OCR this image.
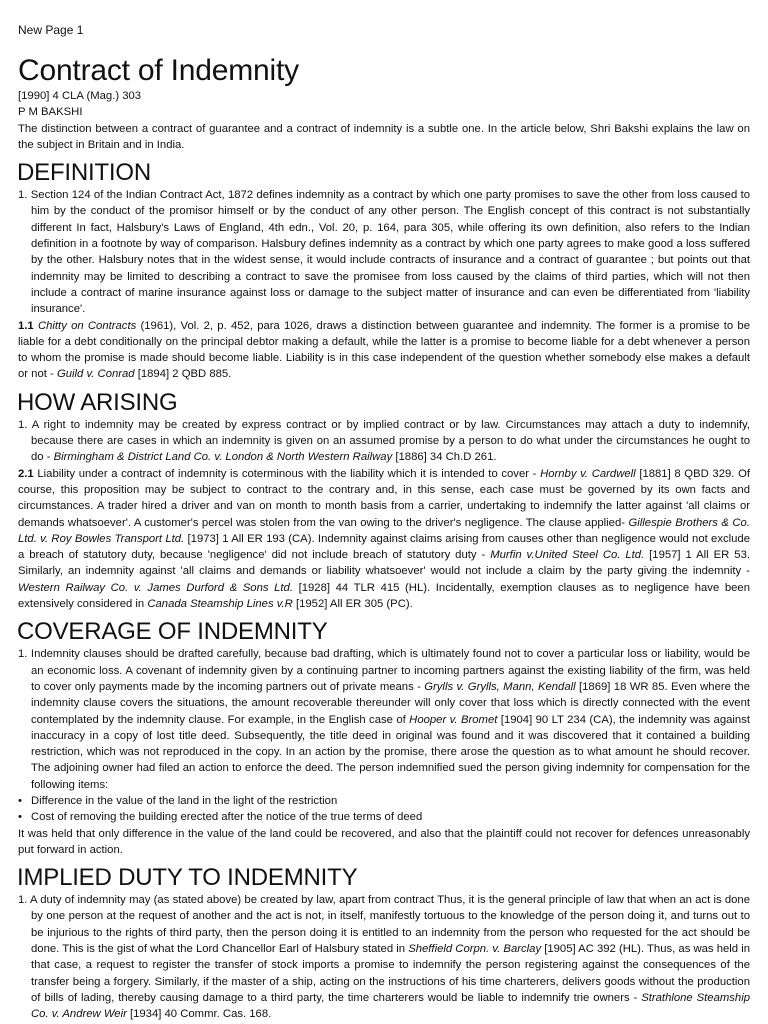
New Page 1
Contract of Indemnity

[1990] 4 CLA (Mag.) 303

P M BAKSHI

The distinction between a contract of guarantee and a contract of indemnity is a subtle one. In the article below, Shri Bakshi explains the law on the subject in Britain and in India.

DEFINITION

1. Section 124 of the Indian Contract Act, 1872 defines indemnity as a contract by which one party promises to save the other from loss caused to him by the conduct of the promisor himself or by the conduct of any other person. The English concept of this contract is not substantially different In fact, Halsbury's Laws of England, 4th edn., Vol. 20, p. 164, para 305, while offering its own definition, also refers to the Indian definition in a footnote by way of comparison. Halsbury defines indemnity as a contract by which one party agrees to make good a loss suffered by the other. Halsbury notes that in the widest sense, it would include contracts of insurance and a contract of guarantee ; but points out that indemnity may be limited to describing a contract to save the promisee from loss caused by the claims of third parties, which will not then include a contract of marine insurance against loss or damage to the subject matter of insurance and can even be differentiated from 'liability insurance'.

1.1 Chitty on Contracts (1961), Vol. 2, p. 452, para 1026, draws a distinction between guarantee and indemnity. The former is a promise to be liable for a debt conditionally on the principal debtor making a default, while the latter is a promise to become liable for a debt whenever a person to whom the promise is made should become liable. Liability is in this case independent of the question whether somebody else makes a default or not - Guild v. Conrad [1894] 2 QBD 885.

HOW ARISING

1. A right to indemnity may be created by express contract or by implied contract or by law. Circumstances may attach a duty to indemnify, because there are cases in which an indemnity is given on an assumed promise by a person to do what under the circumstances he ought to do - Birmingham & District Land Co. v. London & North Western Railway [1886] 34 Ch.D 261.

2.1 Liability under a contract of indemnity is coterminous with the liability which it is intended to cover - Hornby v. Cardwell [1881] 8 QBD 329. Of course, this proposition may be subject to contract to the contrary and, in this sense, each case must be governed by its own facts and circumstances. A trader hired a driver and van on month to month basis from a carrier, undertaking to indemnify the latter against 'all claims or demands whatsoever'. A customer's percel was stolen from the van owing to the driver's negligence. The clause applied- Gillespie Brothers & Co. Ltd. v. Roy Bowles Transport Ltd. [1973] 1 All ER 193 (CA). Indemnity against claims arising from causes other than negligence would not exclude a breach of statutory duty, because 'negligence' did not include breach of statutory duty - Murfin v.United Steel Co. Ltd. [1957] 1 All ER 53. Similarly, an indemnity against 'all claims and demands or liability whatsoever' would not include a claim by the party giving the indemnity - Western Railway Co. v. James Durford & Sons Ltd. [1928] 44 TLR 415 (HL). Incidentally, exemption clauses as to negligence have been extensively considered in Canada Steamship Lines v.R [1952] All ER 305 (PC).

COVERAGE OF INDEMNITY

1. Indemnity clauses should be drafted carefully, because bad drafting, which is ultimately found not to cover a particular loss or liability, would be an economic loss. A covenant of indemnity given by a continuing partner to incoming partners against the existing liability of the firm, was held to cover only payments made by the incoming partners out of private means - Grylls v. Grylls, Mann, Kendall [1869] 18 WR 85. Even where the indemnity clause covers the situations, the amount recoverable thereunder will only cover that loss which is directly connected with the event contemplated by the indemnity clause. For example, in the English case of Hooper v. Bromet [1904] 90 LT 234 (CA), the indemnity was against inaccuracy in a copy of lost title deed. Subsequently, the title deed in original was found and it was discovered that it contained a building restriction, which was not reproduced in the copy. In an action by the promise, there arose the question as to what amount he should recover. The adjoining owner had filed an action to enforce the deed. The person indemnified sued the person giving indemnity for compensation for the following items:

• Difference in the value of the land in the light of the restriction
• Cost of removing the building erected after the notice of the true terms of deed

It was held that only difference in the value of the land could be recovered, and also that the plaintiff could not recover for defences unreasonably put forward in action.

IMPLIED DUTY TO INDEMNITY

1. A duty of indemnity may (as stated above) be created by law, apart from contract Thus, it is the general principle of law that when an act is done by one person at the request of another and the act is not, in itself, manifestly tortuous to the knowledge of the person doing it, and turns out to be injurious to the rights of third party, then the person doing it is entitled to an indemnity from the person who requested for the act should be done. This is the gist of what the Lord Chancellor Earl of Halsbury stated in Sheffield Corpn. v. Barclay [1905] AC 392 (HL). Thus, as was held in that case, a request to register the transfer of stock imports a promise to indemnify the person registering against the consequences of the transfer being a forgery. Similarly, if the master of a ship, acting on the instructions of his time charterers, delivers goods without the production of bills of lading, thereby causing damage to a third party, the time charterers would be liable to indemnify trie owners - Strathlone Steamship Co. v. Andrew Weir [1934] 40 Commr. Cas. 168.
